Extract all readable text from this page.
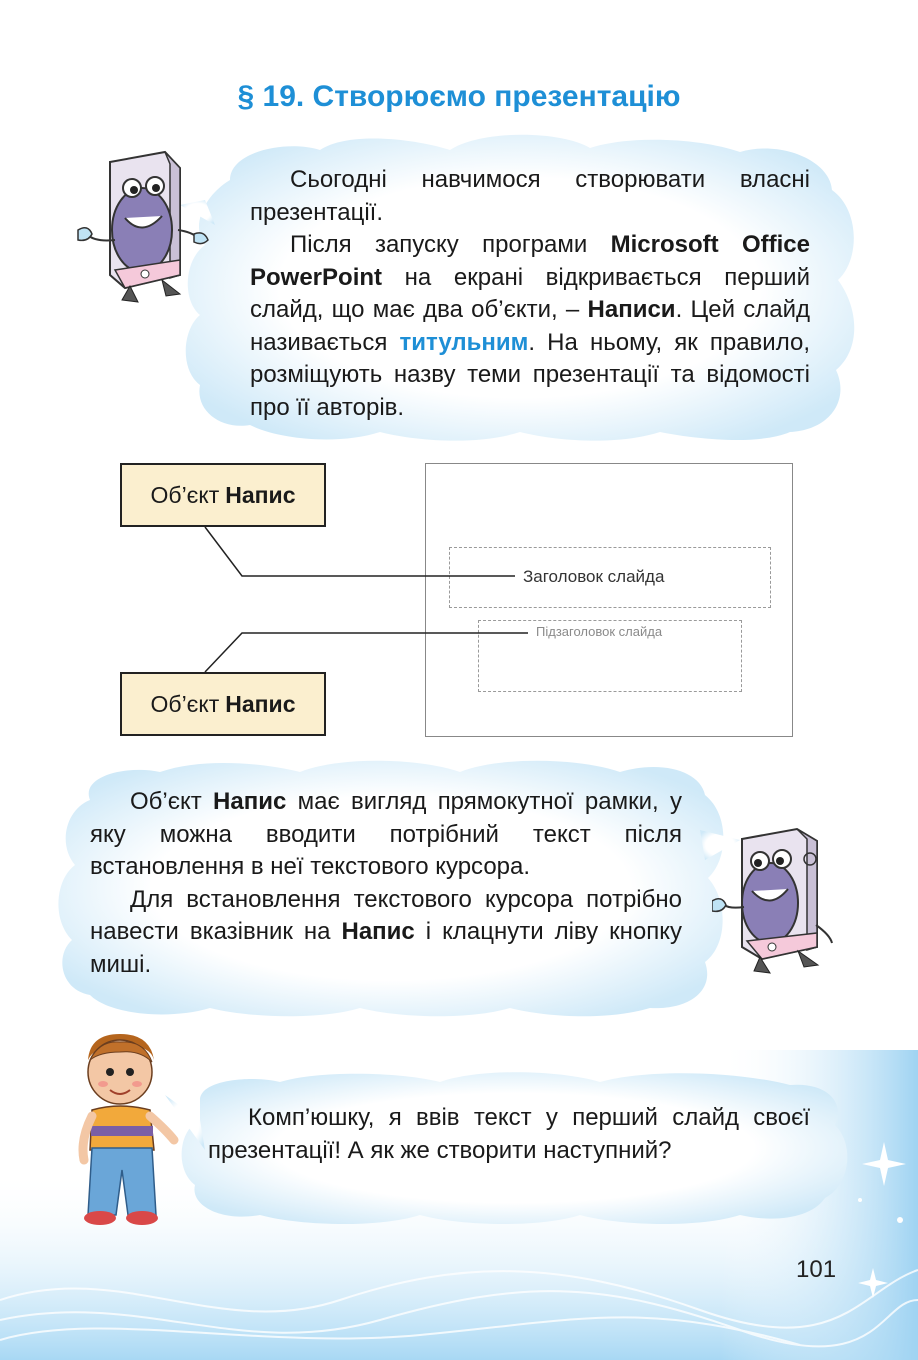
§ 19. Створюємо презентацію

Сьогодні навчимося створювати власні презентації.

Після запуску програми Microsoft Office PowerPoint на екрані відкривається перший слайд, що має два об’єкти, – Написи. Цей слайд називається титульним. На ньому, як правило, розміщують назву теми презентації та відомості про її авторів.

Об’єкт Напис
Об’єкт Напис
Заголовок слайда
Підзаголовок слайда

Об’єкт Напис має вигляд прямокутної рамки, у яку можна вводити потрібний текст після встановлення в неї текстового курсора.

Для встановлення текстового курсора потрібно навести вказівник на Напис і клацнути ліву кнопку миші.

Комп’юшку, я ввів текст у перший слайд своєї презентації! А як же створити наступний?

101
